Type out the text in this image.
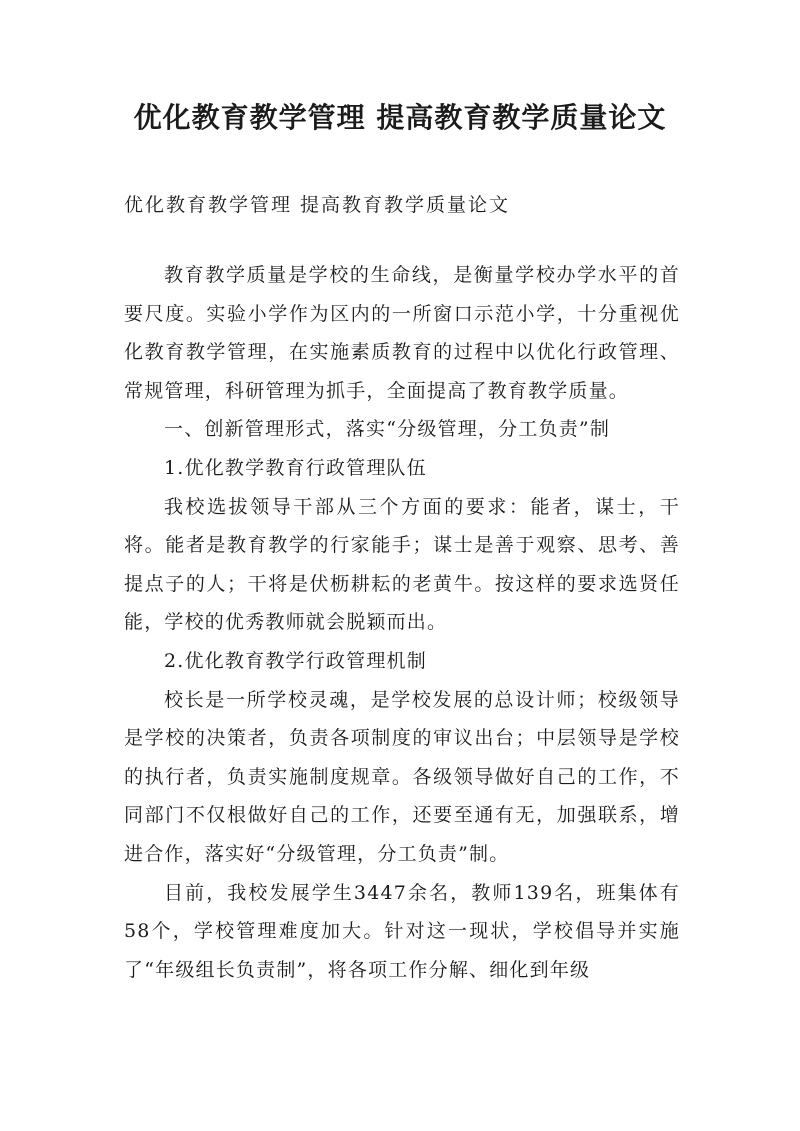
优化教育教学管理 提高教育教学质量论文

优化教育教学管理 提高教育教学质量论文

教育教学质量是学校的生命线，是衡量学校办学水平的首要尺度。实验小学作为区内的一所窗口示范小学，十分重视优化教育教学管理，在实施素质教育的过程中以优化行政管理、常规管理，科研管理为抓手，全面提高了教育教学质量。

一、创新管理形式，落实“分级管理，分工负责”制

1.优化教学教育行政管理队伍

我校选拔领导干部从三个方面的要求：能者，谋士，干将。能者是教育教学的行家能手；谋士是善于观察、思考、善提点子的人；干将是伏枥耕耘的老黄牛。按这样的要求选贤任能，学校的优秀教师就会脱颖而出。

2.优化教育教学行政管理机制

校长是一所学校灵魂，是学校发展的总设计师；校级领导是学校的决策者，负责各项制度的审议出台；中层领导是学校的执行者，负责实施制度规章。各级领导做好自己的工作，不同部门不仅根做好自己的工作，还要至通有无，加强联系，增进合作，落实好“分级管理，分工负责”制。

目前，我校发展学生3447余名，教师139名，班集体有58个，学校管理难度加大。针对这一现状，学校倡导并实施了“年级组长负责制”，将各项工作分解、细化到年级
